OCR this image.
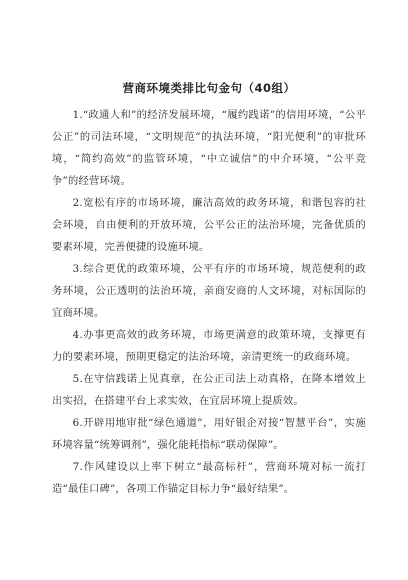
营商环境类排比句金句（40组）

1.“政通人和”的经济发展环境，“履约践诺”的信用环境，“公平公正”的司法环境，“文明规范”的执法环境，“阳光便利”的审批环境，“简约高效”的监管环境，“中立诚信”的中介环境，“公平竞争”的经营环境。

2.宽松有序的市场环境，廉洁高效的政务环境，和谐包容的社会环境，自由便利的开放环境，公平公正的法治环境，完备优质的要素环境，完善便捷的设施环境。

3.综合更优的政策环境，公平有序的市场环境，规范便利的政务环境，公正透明的法治环境，亲商安商的人文环境，对标国际的宜商环境。

4.办事更高效的政务环境，市场更满意的政策环境，支撑更有力的要素环境，预期更稳定的法治环境，亲清更统一的政商环境。

5.在守信践诺上见真章，在公正司法上动真格，在降本增效上出实招，在搭建平台上求实效，在宜居环境上提质效。

6.开辟用地审批“绿色通道”，用好银企对接“智慧平台”，实施环境容量“统筹调剂”，强化能耗指标“联动保障”。

7.作风建设以上率下树立“最高标杆”，营商环境对标一流打造“最佳口碑”，各项工作锚定目标力争“最好结果”。
